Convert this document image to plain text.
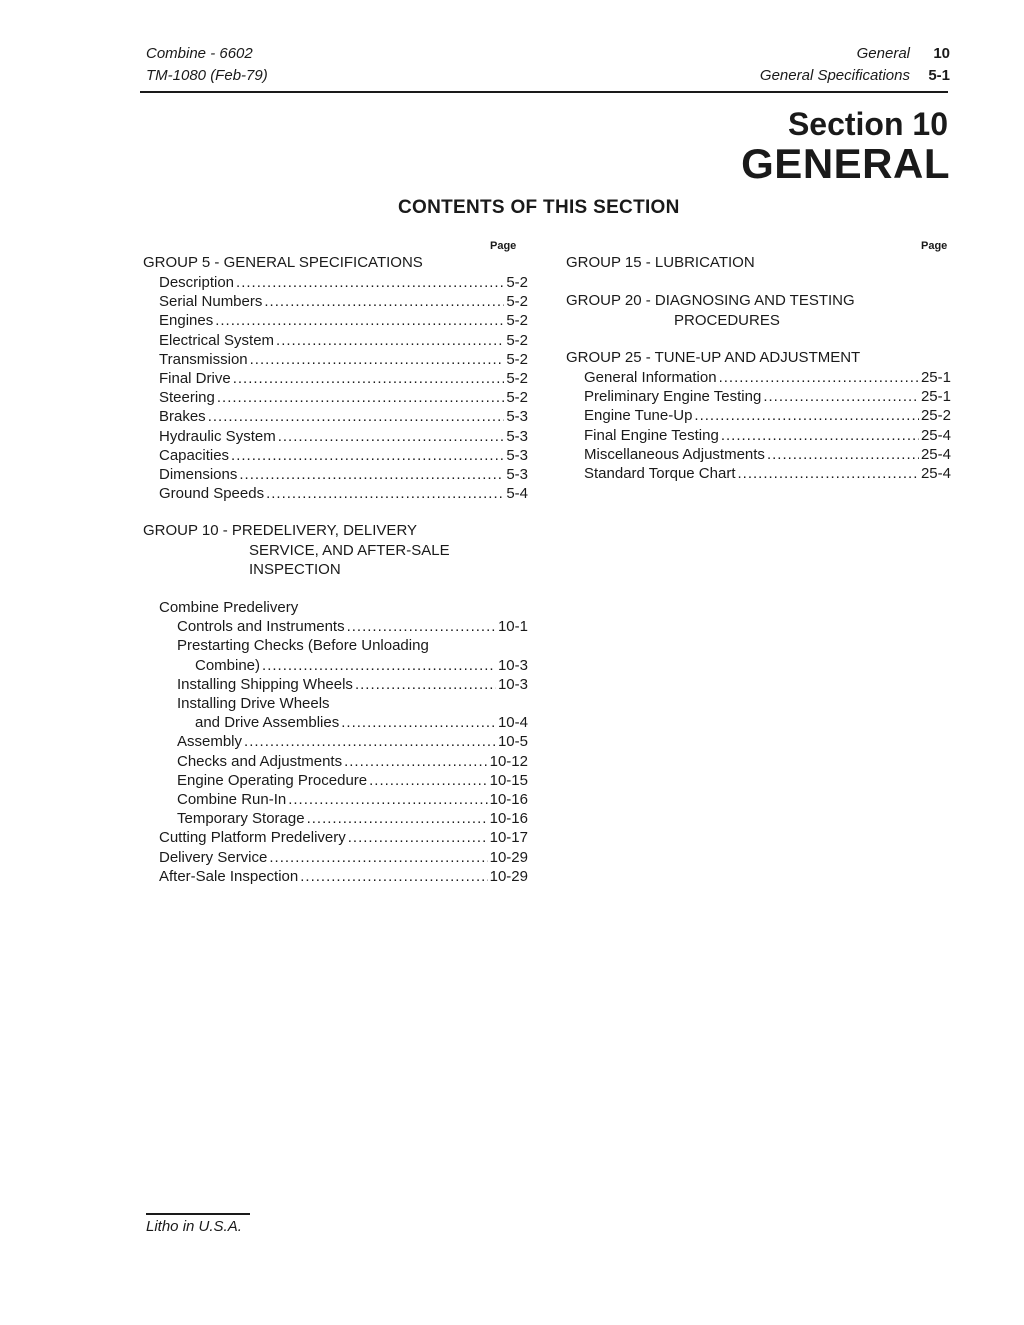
Combine - 6602
TM-1080 (Feb-79)
General 10
General Specifications 5-1
Section 10
GENERAL
CONTENTS OF THIS SECTION
Page
GROUP 5 - GENERAL SPECIFICATIONS
Description .....	5-2
Serial Numbers .....	5-2
Engines .....	5-2
Electrical System .....	5-2
Transmission .....	5-2
Final Drive .....	5-2
Steering .....	5-2
Brakes .....	5-3
Hydraulic System .....	5-3
Capacities .....	5-3
Dimensions .....	5-3
Ground Speeds .....	5-4
GROUP 10 - PREDELIVERY, DELIVERY
SERVICE, AND AFTER-SALE
INSPECTION
Combine Predelivery
Controls and Instruments .....	10-1
Prestarting Checks (Before Unloading
Combine) .....	10-3
Installing Shipping Wheels .....	10-3
Installing Drive Wheels
and Drive Assemblies .....	10-4
Assembly .....	10-5
Checks and Adjustments .....	10-12
Engine Operating Procedure .....	10-15
Combine Run-In .....	10-16
Temporary Storage .....	10-16
Cutting Platform Predelivery .....	10-17
Delivery Service .....	10-29
After-Sale Inspection .....	10-29
Page
GROUP 15 - LUBRICATION
GROUP 20 - DIAGNOSING AND TESTING
PROCEDURES
GROUP 25 - TUNE-UP AND ADJUSTMENT
General Information .....	25-1
Preliminary Engine Testing .....	25-1
Engine Tune-Up .....	25-2
Final Engine Testing .....	25-4
Miscellaneous Adjustments .....	25-4
Standard Torque Chart .....	25-4
Litho in U.S.A.
